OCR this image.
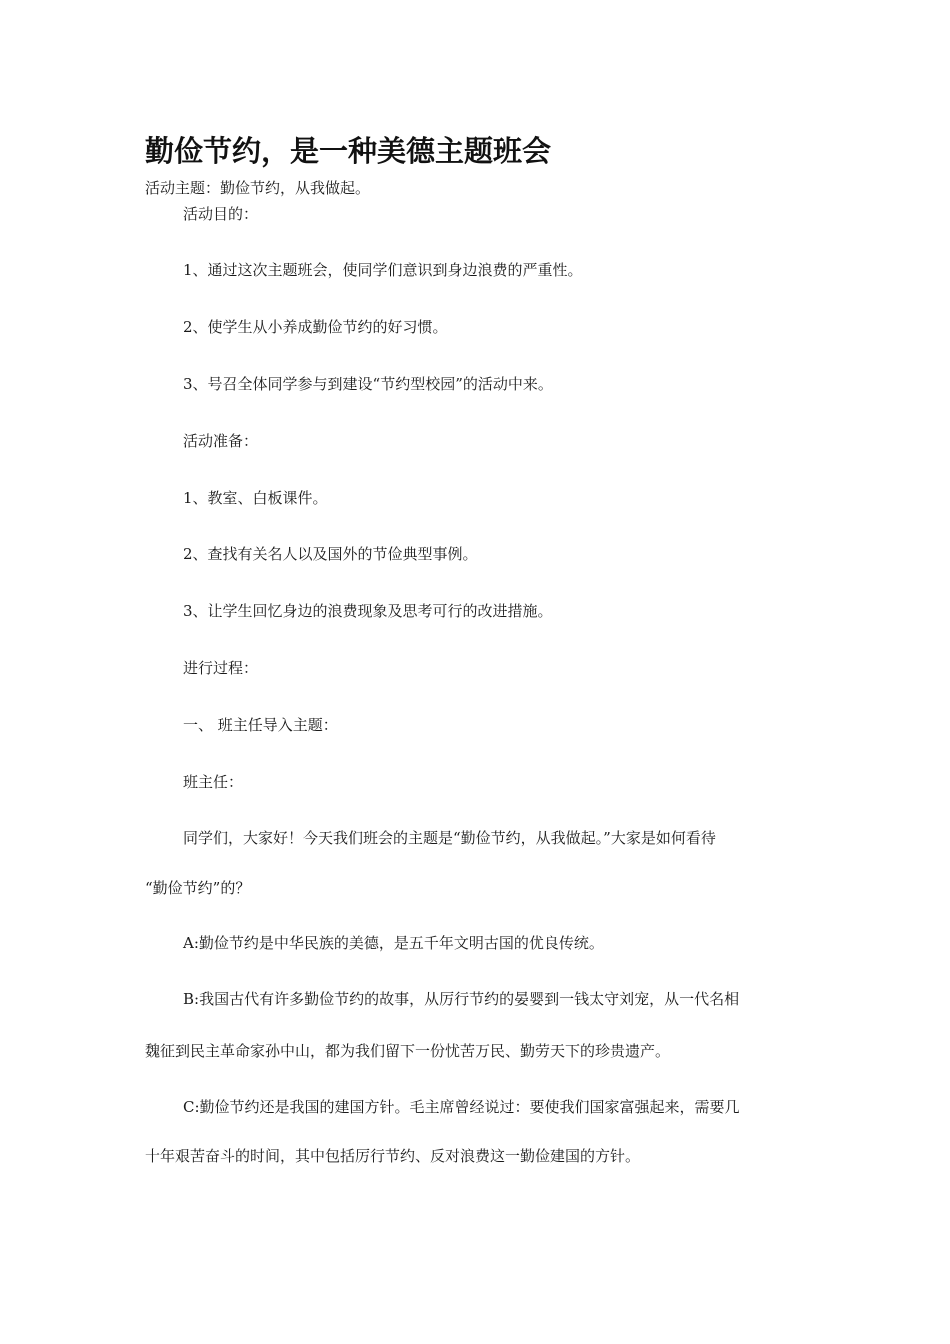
勤俭节约，是一种美德主题班会
活动主题：勤俭节约，从我做起。
活动目的：
1、通过这次主题班会，使同学们意识到身边浪费的严重性。
2、使学生从小养成勤俭节约的好习惯。
3、号召全体同学参与到建设“节约型校园”的活动中来。
活动准备：
1、教室、白板课件。
2、查找有关名人以及国外的节俭典型事例。
3、让学生回忆身边的浪费现象及思考可行的改进措施。
进行过程：
一、 班主任导入主题：
班主任：
同学们，大家好！今天我们班会的主题是“勤俭节约，从我做起。”大家是如何看待
“勤俭节约”的？
A:勤俭节约是中华民族的美德，是五千年文明古国的优良传统。
B:我国古代有许多勤俭节约的故事，从厉行节约的晏婴到一钱太守刘宠，从一代名相
魏征到民主革命家孙中山，都为我们留下一份忧苦万民、勤劳天下的珍贵遗产。
C:勤俭节约还是我国的建国方针。毛主席曾经说过：要使我们国家富强起来，需要几
十年艰苦奋斗的时间，其中包括厉行节约、反对浪费这一勤俭建国的方针。
